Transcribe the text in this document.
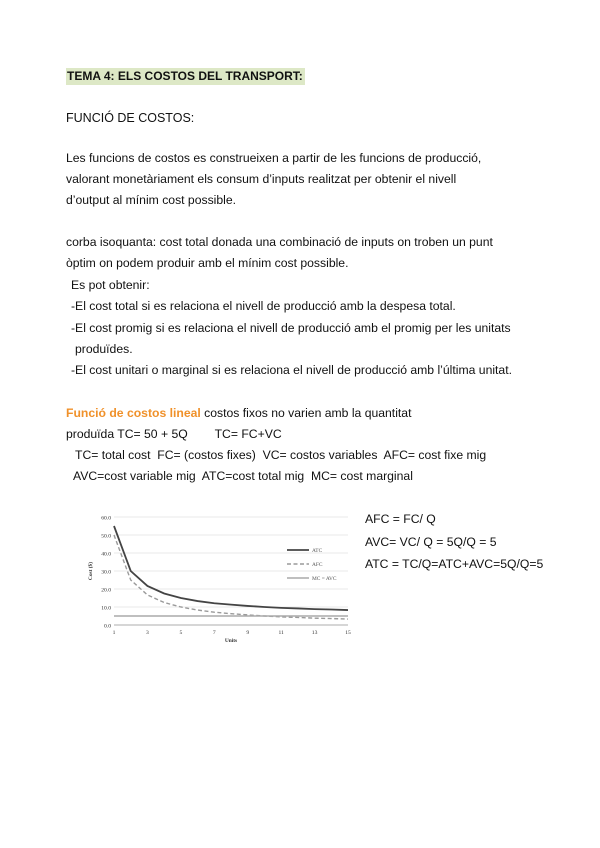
TEMA 4: ELS COSTOS DEL TRANSPORT:

FUNCIÓ DE COSTOS:

Les funcions de costos es construeixen a partir de les funcions de producció,
valorant monetàriament els consum d’inputs realitzat per obtenir el nivell
d’output al mínim cost possible.
corba isoquanta: cost total donada una combinació de inputs on troben un punt
òptim on podem produir amb el mínim cost possible.
Es pot obtenir:
-El cost total si es relaciona el nivell de producció amb la despesa total.
-El cost promig si es relaciona el nivell de producció amb el promig per les unitats
produïdes.
-El cost unitari o marginal si es relaciona el nivell de producció amb l’última unitat.
Funció de costos lineal costos fixos no varien amb la quantitat
produïda TC= 50 + 5Q        TC= FC+VC
TC= total cost  FC= (costos fixes)  VC= costos variables  AFC= cost fixe mig
AVC=cost variable mig  ATC=cost total mig  MC= cost marginal
0.0
10.0
20.0
30.0
40.0
50.0
60.0
1	3	5	7	9	11	13	15
Units
Cost ($)
ATC
AFC
MC = AVC
AFC = FC/ Q
AVC= VC/ Q = 5Q/Q = 5
ATC = TC/Q=ATC+AVC=5Q/Q=5
